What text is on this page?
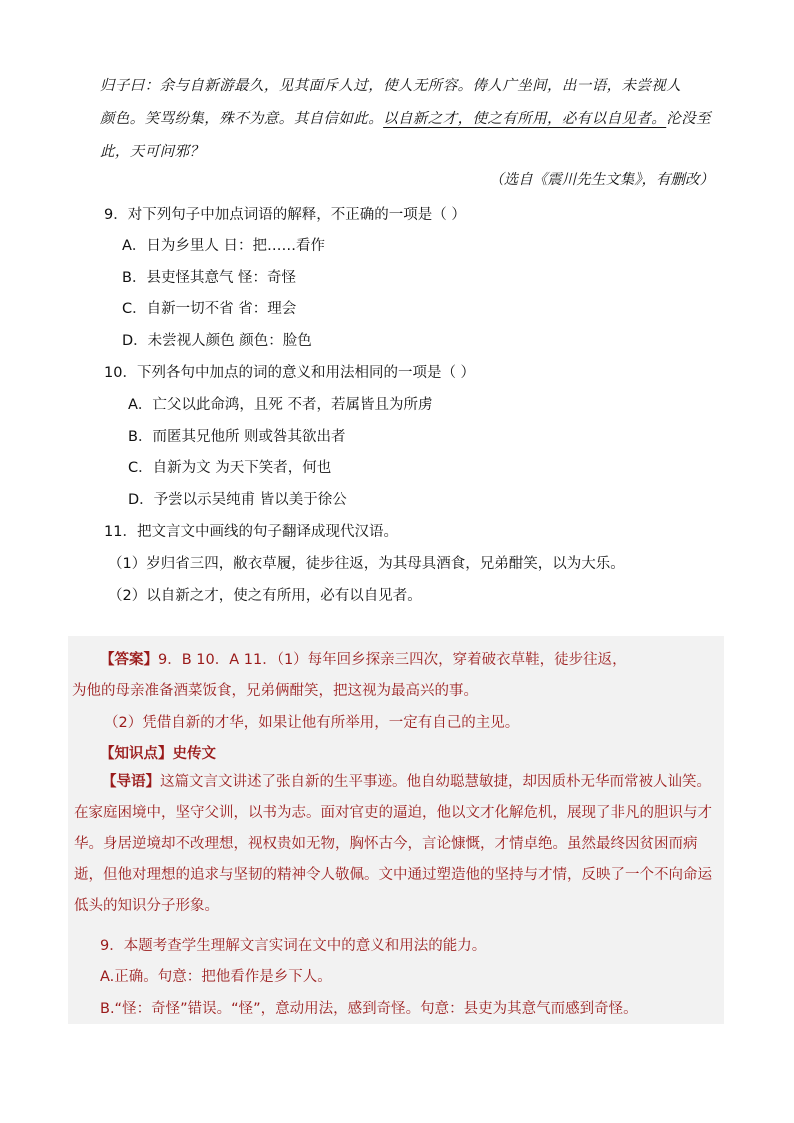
归子曰：余与自新游最久，见其面斥人过，使人无所容。俦人广坐间，出一语，未尝视人
颜色。笑骂纷集，殊不为意。其自信如此。以自新之才，使之有所用，必有以自见者。沦没至
此，天可问邪？
（选自《震川先生文集》，有删改）
9．对下列句子中加点词语的解释，不正确的一项是（ ）
A．日为乡里人 日：把……看作
B．县吏怪其意气 怪：奇怪
C．自新一切不省 省：理会
D．未尝视人颜色 颜色：脸色
10．下列各句中加点的词的意义和用法相同的一项是（ ）
A．亡父以此命鸿，且死 不者，若属皆且为所虏
B．而匿其兄他所 则或咎其欲出者
C．自新为文 为天下笑者，何也
D．予尝以示吴纯甫 皆以美于徐公
11．把文言文中画线的句子翻译成现代汉语。
（1）岁归省三四，敝衣草履，徒步往返，为其母具酒食，兄弟酣笑，以为大乐。
（2）以自新之才，使之有所用，必有以自见者。
【答案】9．B 10．A 11．（1）每年回乡探亲三四次，穿着破衣草鞋，徒步往返，
为他的母亲准备酒菜饭食，兄弟俩酣笑，把这视为最高兴的事。
（2）凭借自新的才华，如果让他有所举用，一定有自己的主见。
【知识点】史传文
【导语】这篇文言文讲述了张自新的生平事迹。他自幼聪慧敏捷，却因质朴无华而常被人讪笑。在家庭困境中，坚守父训，以书为志。面对官吏的逼迫，他以文才化解危机，展现了非凡的胆识与才华。身居逆境却不改理想，视权贵如无物，胸怀古今，言论慷慨，才情卓绝。虽然最终因贫困而病逝，但他对理想的追求与坚韧的精神令人敬佩。文中通过塑造他的坚持与才情，反映了一个不向命运低头的知识分子形象。
9．本题考查学生理解文言实词在文中的意义和用法的能力。
A.正确。句意：把他看作是乡下人。
B.“怪：奇怪”错误。“怪”，意动用法，感到奇怪。句意：县吏为其意气而感到奇怪。
